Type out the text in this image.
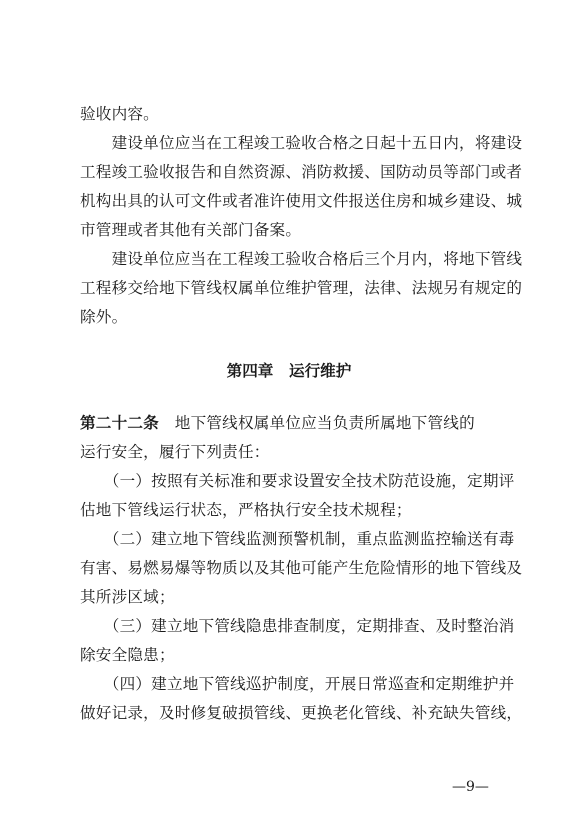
验收内容。
　　建设单位应当在工程竣工验收合格之日起十五日内，将建设
工程竣工验收报告和自然资源、消防救援、国防动员等部门或者
机构出具的认可文件或者准许使用文件报送住房和城乡建设、城
市管理或者其他有关部门备案。
　　建设单位应当在工程竣工验收合格后三个月内，将地下管线
工程移交给地下管线权属单位维护管理，法律、法规另有规定的
除外。
第四章　运行维护
第二十二条　地下管线权属单位应当负责所属地下管线的
运行安全，履行下列责任：
　　（一）按照有关标准和要求设置安全技术防范设施，定期评
估地下管线运行状态，严格执行安全技术规程；
　　（二）建立地下管线监测预警机制，重点监测监控输送有毒
有害、易燃易爆等物质以及其他可能产生危险情形的地下管线及
其所涉区域；
　　（三）建立地下管线隐患排查制度，定期排查、及时整治消
除安全隐患；
　　（四）建立地下管线巡护制度，开展日常巡查和定期维护并
做好记录，及时修复破损管线、更换老化管线、补充缺失管线，
—9—
